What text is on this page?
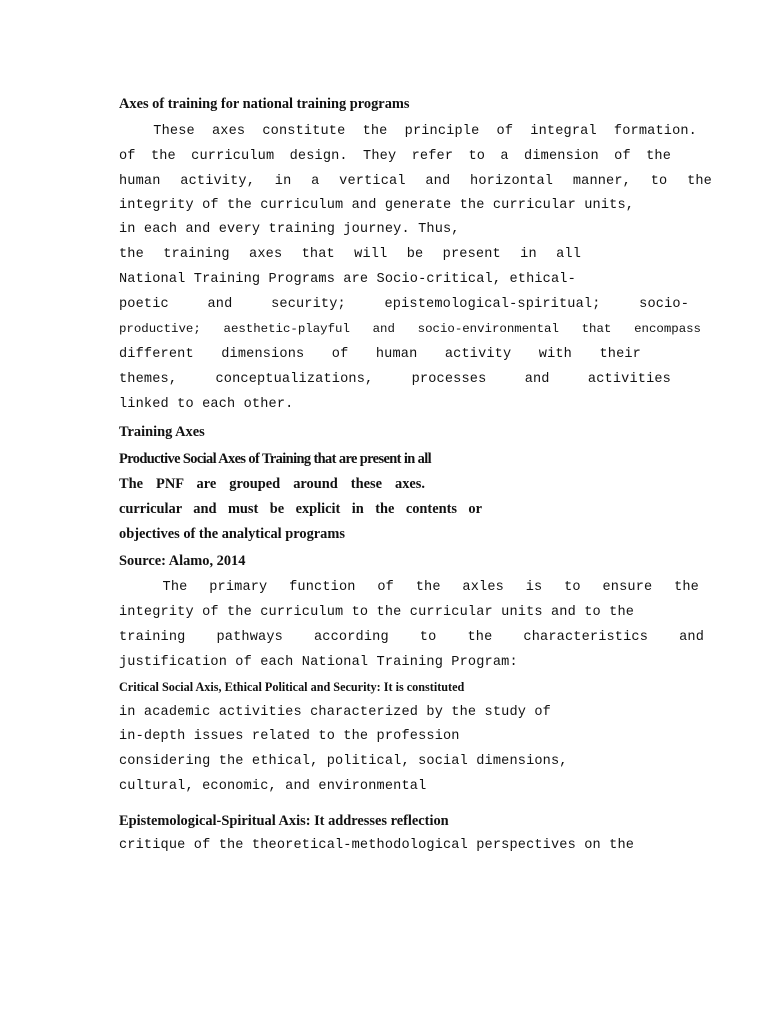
Axes of training for national training programs

These axes constitute the principle of integral formation.

of the curriculum design. They refer to a dimension of the

human activity, in a vertical and horizontal manner, to the

integrity of the curriculum and generate the curricular units,

in each and every training journey. Thus,

the training axes that will be present in all

National Training Programs are Socio-critical, ethical-

poetic and security; epistemological-spiritual; socio-

productive; aesthetic-playful and socio-environmental that encompass

different dimensions of human activity with their

themes, conceptualizations, processes and activities

linked to each other.

Training Axes

Productive Social Axes of Training that are present in all

The PNF are grouped around these axes.

curricular and must be explicit in the contents or

objectives of the analytical programs

Source: Alamo, 2014

The primary function of the axles is to ensure the

integrity of the curriculum to the curricular units and to the

training pathways according to the characteristics and

justification of each National Training Program:

Critical Social Axis, Ethical Political and Security: It is constituted

in academic activities characterized by the study of

in-depth issues related to the profession

considering the ethical, political, social dimensions,

cultural, economic, and environmental

Epistemological-Spiritual Axis: It addresses reflection

critique of the theoretical-methodological perspectives on the
